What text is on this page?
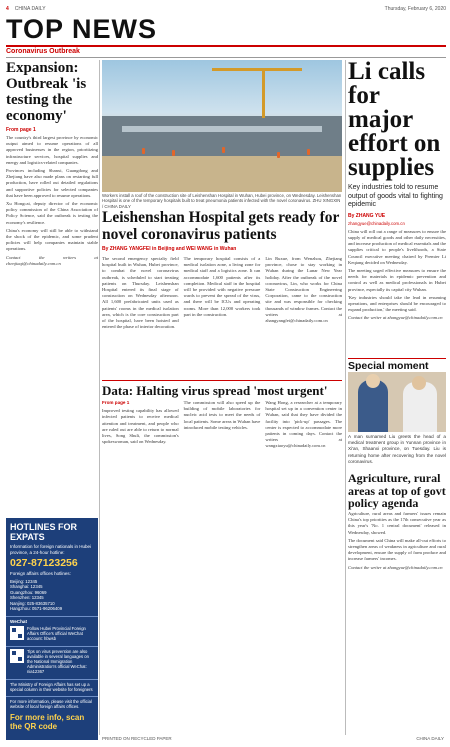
4 CHINA DAILY	Thursday, February 6, 2020
TOP NEWS
Coronavirus Outbreak
Expansion: Outbreak 'is testing the economy'
From page 1

The country's third largest province by economic output aimed to resume operations of all approved businesses in the region, prioritizing infrastructure services, hospital supplies and energy and logistics-related companies.

Provinces including Shanxi, Guangdong and Zhejiang have also made plans on restarting full production, have rolled out detailed regulations and supportive policies for selected companies that have been approved to resume operations.

Xu Hongcai, deputy director of the economic policy commission of the China Association of Policy Science, said the outbreak is testing the economy's resilience.

China's economy will still be able to withstand the shock of the epidemic, and some prudent policies will help companies maintain stable operations.

Contact the writers at chenjiaqi@chinadaily.com.cn

Workers install a roof of the construction site of Leishenshan Hospital in Wuhan, Hubei province, on Wednesday. Leishenshan Hospital is one of the temporary hospitals built to treat pneumonia patients infected with the novel coronavirus. ZHU XINGXIN / CHINA DAILY
Leishenshan Hospital gets ready for novel coronavirus patients
By ZHANG YANGFEI in Beijing and WEI WANG in Wuhan
The second emergency specialty field hospital built in Wuhan, Hubei province, to combat the novel coronavirus outbreak, is scheduled to start treating patients on Thursday. Leishenshan Hospital entered its final stage of construction on Wednesday afternoon. All 1,600 prefabricated units used as patients' rooms in the medical isolation area, which is the core construction part of the hospital, have been hoisted and entered the phase of interior decoration.
The temporary hospital consists of a medical isolation zone, a living zone for medical staff and a logistics zone. It can accommodate 1,600 patients after its completion. Medical staff in the hospital will be provided with negative pressure wards to prevent the spread of the virus, and there will be ICUs and operating rooms. More than 12,000 workers took part in the construction.
Lin Ruxue, from Wenzhou, Zhejiang province, chose to stay working in Wuhan during the Lunar New Year holiday. After the outbreak of the novel coronavirus, Lin, who works for China State Construction Engineering Corporation, came to the construction site and was responsible for checking thousands of window frames. Contact the writers at zhangyangfei@chinadaily.com.cn
Data: Halting virus spread 'most urgent'

From page 1

Improved testing capability has allowed infected patients to receive medical attention and treatment, and people who are ruled out are able to return to normal lives, Song Shuli, the commission's spokeswoman, said on Wednesday.

The commission will also speed up the building of mobile laboratories for nucleic acid tests to meet the needs of local patients. Some areas in Wuhan have introduced mobile testing vehicles.
Wang Hong, a researcher at a temporary hospital set up in a convention center in Wuhan, said that they have divided the facility into 'pick-up' passages. The center is expected to accommodate more patients in coming days. Contact the writers at wangxiaoyu@chinadaily.com.cn
Li calls for major effort on supplies
Key industries told to resume output of goods vital to fighting epidemic
By ZHANG YUE
zhangyue@chinadaily.com.cn

China will roll out a range of measures to ensure the supply of medical goods and other daily necessities, and increase production of medical essentials and the supplies critical to people's livelihoods, a State Council executive meeting chaired by Premier Li Keqiang decided on Wednesday.

The meeting urged effective measures to ensure the needs for materials in epidemic prevention and control as well as medical professionals in Hubei province, especially its capital city Wuhan.

'Key industries should take the lead in resuming operations, and enterprises should be encouraged to expand production,' the meeting said.

Contact the writer at zhangyue@chinadaily.com.cn

Special moment
A man surnamed Liu greets the head of a medical treatment group in Yunnan province in Xi'an, Shaanxi province, on Tuesday. Liu is returning home after recovering from the novel coronavirus.
Agriculture, rural areas at top of govt policy agenda

Agriculture, rural areas and farmers' issues remain China's top priorities as the 17th consecutive year as this year's 'No. 1 central document' released in Wednesday, showed.

The document said China will make all-out efforts to strengthen areas of weakness in agriculture and rural development, ensure the supply of farm produce and increase farmers' incomes.

Contact the writer at zhangyue@chinadaily.com.cn

HOTLINES FOR EXPATS
Information for foreign nationals in Hubei province, a 24-hour hotline:
027-87123256
Foreign affairs offices hotlines:
Beijing: 12345
Shanghai: 12345
Guangzhou: 96069
Shenzhen: 12345
Nanjing: 025-83635710
Hangzhou: 0571-96206409
WeChat
Follow Hubei Provincial Foreign Affairs Office's official WeChat account: hbwsb
Tips on virus prevention are also available in several languages on the National Immigration Administration's official WeChat: nia12367
The Ministry of Foreign Affairs has set up a special column in their website for foreigners
For more information, please visit the official website of local foreign affairs offices.
For more info, scan the QR code
PRINTED ON RECYCLED PAPER	CHINA DAILY
